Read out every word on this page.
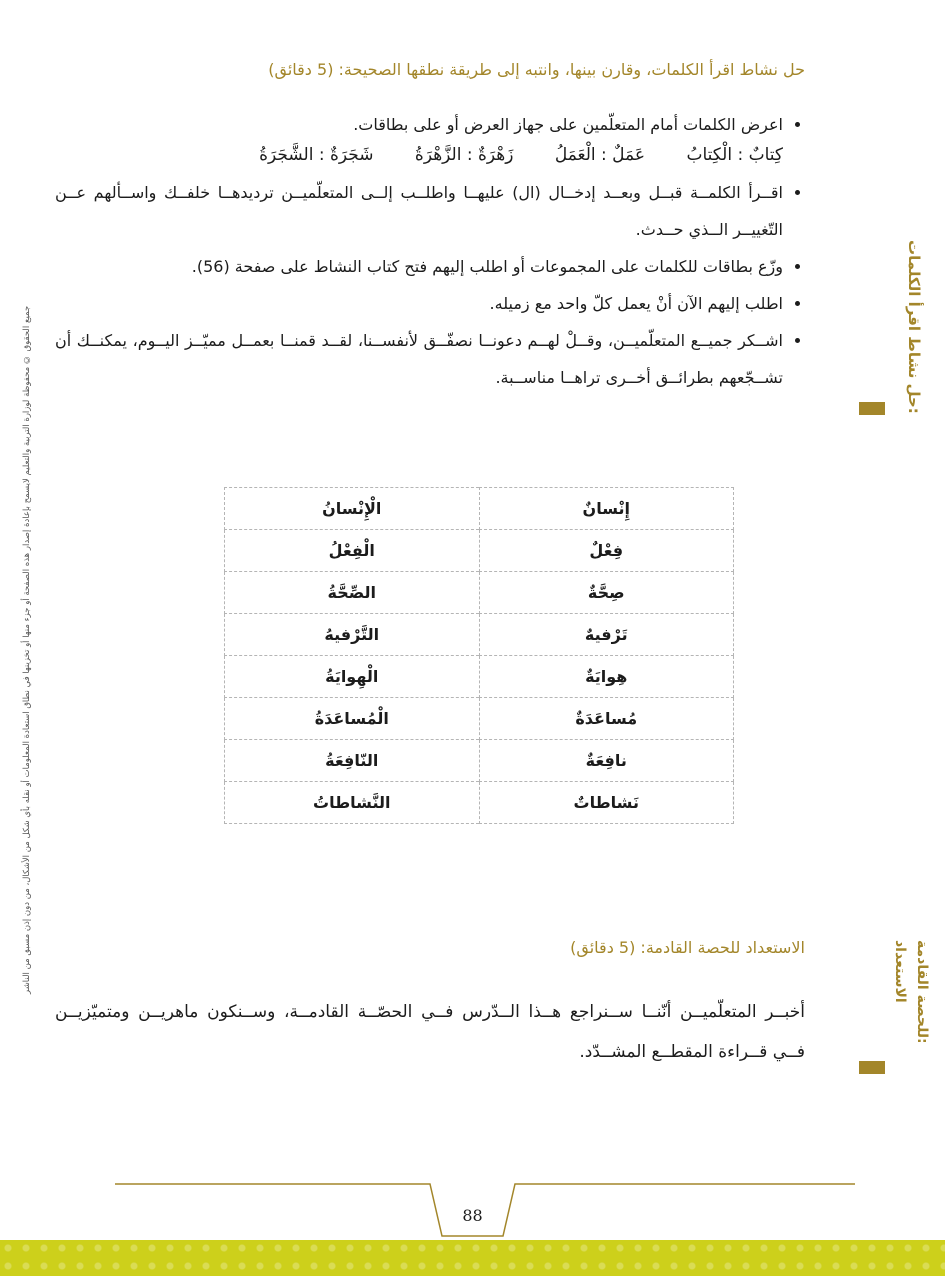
حل نشاط اقرأ الكلمات:
الاستعداد للحصة القادمة:
جميع الحقوق © محفوظة لوزارة التربية والتعليم لايسمح بإعادة إصدار هذه الصفحة أو جزء منها أو تخزينها في نطاق استعادة المعلومات أو نقله بأي شكل من الأشكال، من دون إذن مسبق من الناشر
حل نشاط اقرأ الكلمات، وقارن بينها، وانتبه إلى طريقة نطقها الصحيحة: (5 دقائق)
• اعرض الكلمات أمام المتعلّمين على جهاز العرض أو على بطاقات.
كِتابٌ : الْكِتابُ عَمَلٌ : الْعَمَلُ زَهْرَةٌ : الزَّهْرَةُ شَجَرَةٌ : الشَّجَرَةُ
• اقــرأ الكلمــة قبــل وبعــد إدخــال (ال) عليهــا واطلــب إلــى المتعلّميــن ترديدهــا خلفــك واســألهم عــن التّغييــر الــذي حــدث.
• وزّع بطاقات للكلمات على المجموعات أو اطلب إليهم فتح كتاب النشاط على صفحة (56).
• اطلب إليهم الآن أنْ يعمل كلّ واحد مع زميله.
• اشــكر جميــع المتعلّميــن، وقــلْ لهــم دعونــا نصفّــق لأنفســنا، لقــد قمنــا بعمــل مميّــز اليــوم، يمكنــك أن تشــجّعهم بطرائــق أخــرى تراهــا مناســبة.
إِنْسانٌ	الْإِنْسانُ
فِعْلٌ	الْفِعْلُ
صِحَّةٌ	الصِّحَّةُ
تَرْفيهٌ	التَّرْفيهُ
هِوايَةٌ	الْهِوايَةُ
مُساعَدَةٌ	الْمُساعَدَةُ
نافِعَةٌ	النّافِعَةُ
نَشاطاتٌ	النَّشاطاتُ
الاستعداد للحصة القادمة: (5 دقائق)
أخبــر المتعلّميــن أنّنــا ســنراجع هــذا الــدّرس فــي الحصّــة القادمــة، وســنكون ماهريــن ومتميّزيــن فــي قــراءة المقطــع المشــدّد.
88
